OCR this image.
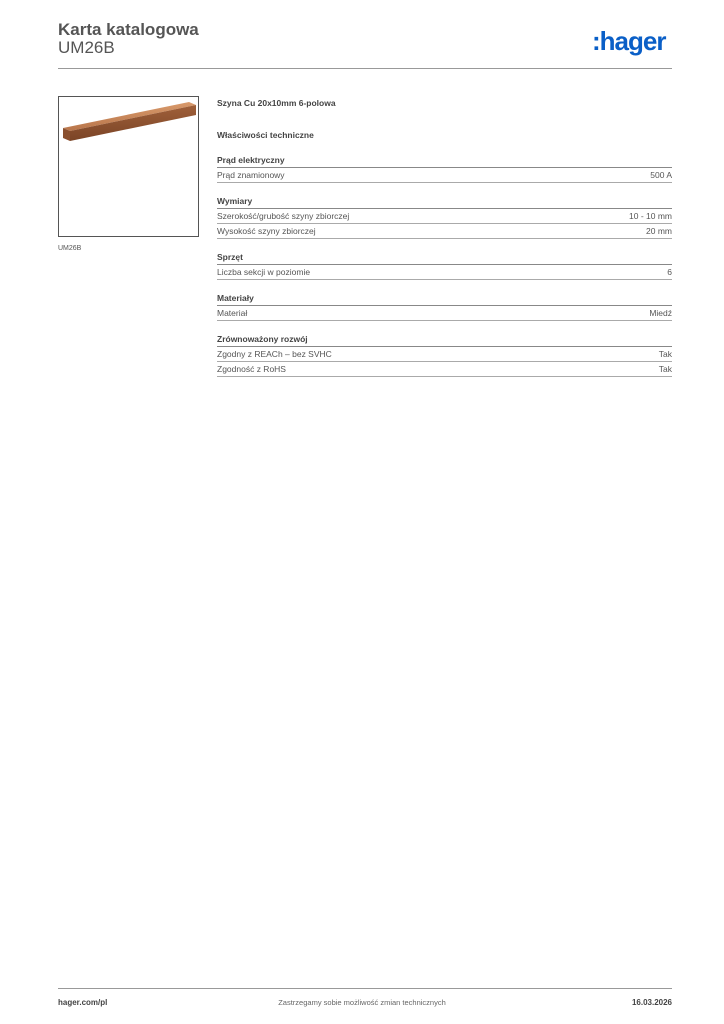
Karta katalogowa
UM26B	:hager
UM26B
Szyna Cu 20x10mm 6-polowa
Właściwości techniczne
Prąd elektryczny
Prąd znamionowy	500 A
Wymiary
Szerokość/grubość szyny zbiorczej	10 - 10 mm
Wysokość szyny zbiorczej	20 mm
Sprzęt
Liczba sekcji w poziomie	6
Materiały
Materiał	Miedź
Zrównoważony rozwój
Zgodny z REACh – bez SVHC	Tak
Zgodność z RoHS	Tak
hager.com/pl	Zastrzegamy sobie możliwość zmian technicznych	16.03.2026
